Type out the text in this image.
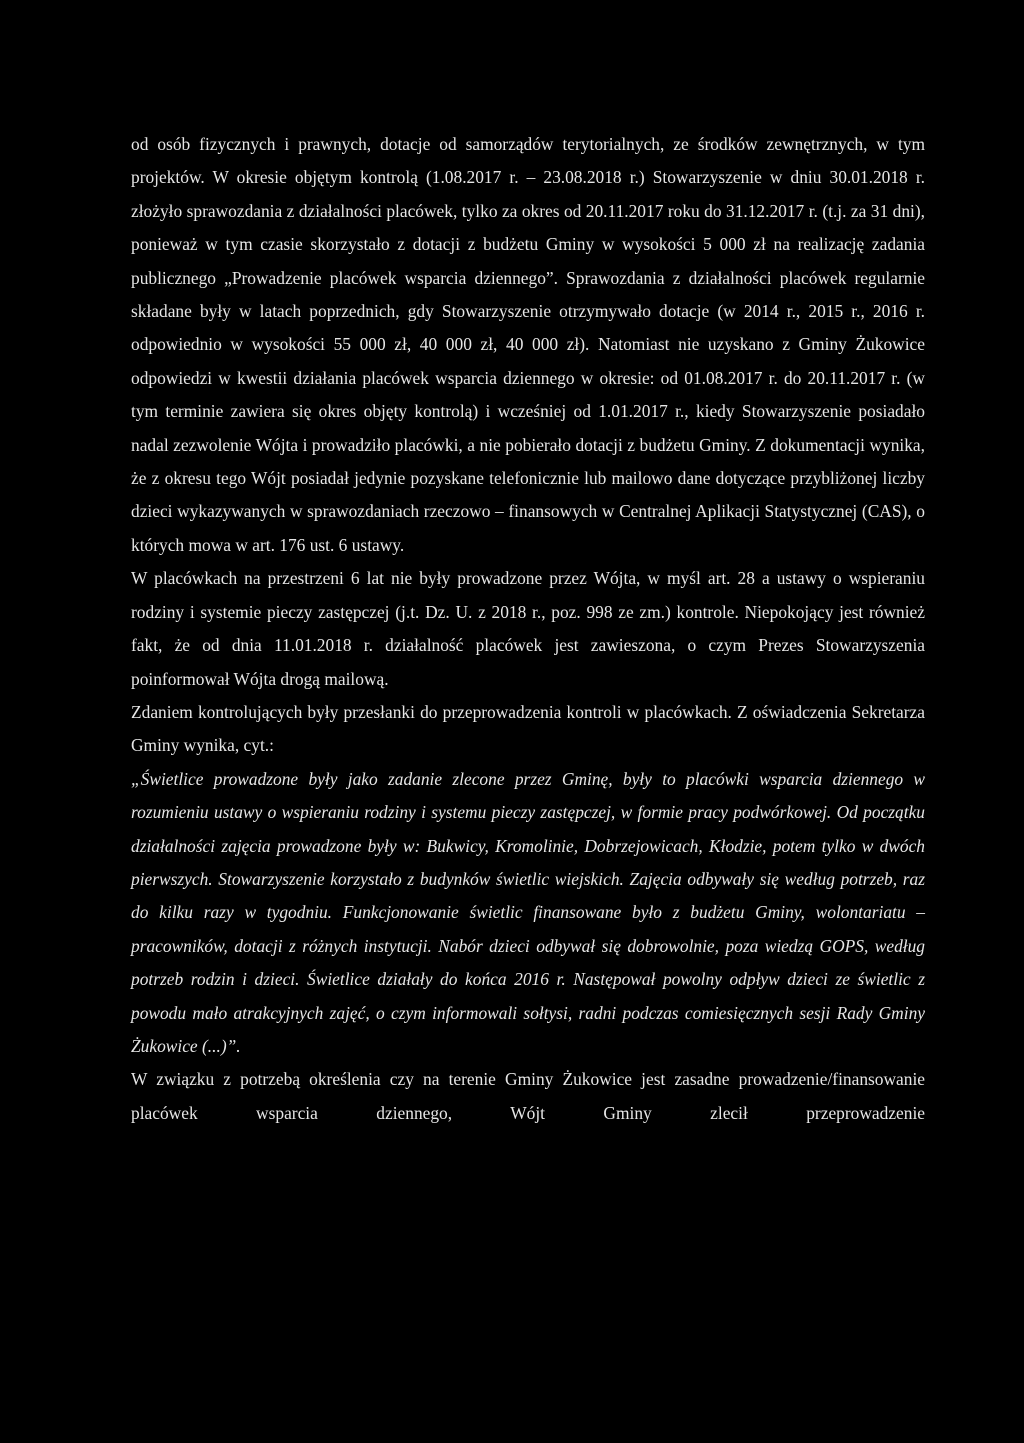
od osób fizycznych i prawnych, dotacje od samorządów terytorialnych, ze środków zewnętrznych, w tym projektów. W okresie objętym kontrolą (1.08.2017 r. – 23.08.2018 r.) Stowarzyszenie w dniu 30.01.2018 r. złożyło sprawozdania z działalności placówek, tylko za okres od 20.11.2017 roku do 31.12.2017 r. (t.j. za 31 dni), ponieważ w tym czasie skorzystało z dotacji z budżetu Gminy w wysokości 5 000 zł na realizację zadania publicznego „Prowadzenie placówek wsparcia dziennego”. Sprawozdania z działalności placówek regularnie składane były w latach poprzednich, gdy Stowarzyszenie otrzymywało dotacje (w 2014 r., 2015 r., 2016 r. odpowiednio w wysokości 55 000 zł, 40 000 zł, 40 000 zł). Natomiast nie uzyskano z Gminy Żukowice odpowiedzi w kwestii działania placówek wsparcia dziennego w okresie: od 01.08.2017 r. do 20.11.2017 r. (w tym terminie zawiera się okres objęty kontrolą) i wcześniej od 1.01.2017 r., kiedy Stowarzyszenie posiadało nadal zezwolenie Wójta i prowadziło placówki, a nie pobierało dotacji z budżetu Gminy. Z dokumentacji wynika, że z okresu tego Wójt posiadał jedynie pozyskane telefonicznie lub mailowo dane dotyczące przybliżonej liczby dzieci wykazywanych w sprawozdaniach rzeczowo – finansowych w Centralnej Aplikacji Statystycznej (CAS), o których mowa w art. 176 ust. 6 ustawy.

W placówkach na przestrzeni 6 lat nie były prowadzone przez Wójta, w myśl art. 28 a ustawy o wspieraniu rodziny i systemie pieczy zastępczej (j.t. Dz. U. z 2018 r., poz. 998 ze zm.) kontrole. Niepokojący jest również fakt, że od dnia 11.01.2018 r. działalność placówek jest zawieszona, o czym Prezes Stowarzyszenia poinformował Wójta drogą mailową.

Zdaniem kontrolujących były przesłanki do przeprowadzenia kontroli w placówkach. Z oświadczenia Sekretarza Gminy wynika, cyt.:

„Świetlice prowadzone były jako zadanie zlecone przez Gminę, były to placówki wsparcia dziennego w rozumieniu ustawy o wspieraniu rodziny i systemu pieczy zastępczej, w formie pracy podwórkowej. Od początku działalności zajęcia prowadzone były w: Bukwicy, Kromolinie, Dobrzejowicach, Kłodzie, potem tylko w dwóch pierwszych. Stowarzyszenie korzystało z budynków świetlic wiejskich. Zajęcia odbywały się według potrzeb, raz do kilku razy w tygodniu. Funkcjonowanie świetlic finansowane było z budżetu Gminy, wolontariatu – pracowników, dotacji z różnych instytucji. Nabór dzieci odbywał się dobrowolnie, poza wiedzą GOPS, według potrzeb rodzin i dzieci. Świetlice działały do końca 2016 r. Następował powolny odpływ dzieci ze świetlic z powodu mało atrakcyjnych zajęć, o czym informowali sołtysi, radni podczas comiesięcznych sesji Rady Gminy Żukowice (...)”.

W związku z potrzebą określenia czy na terenie Gminy Żukowice jest zasadne prowadzenie/finansowanie placówek wsparcia dziennego, Wójt Gminy zlecił przeprowadzenie
